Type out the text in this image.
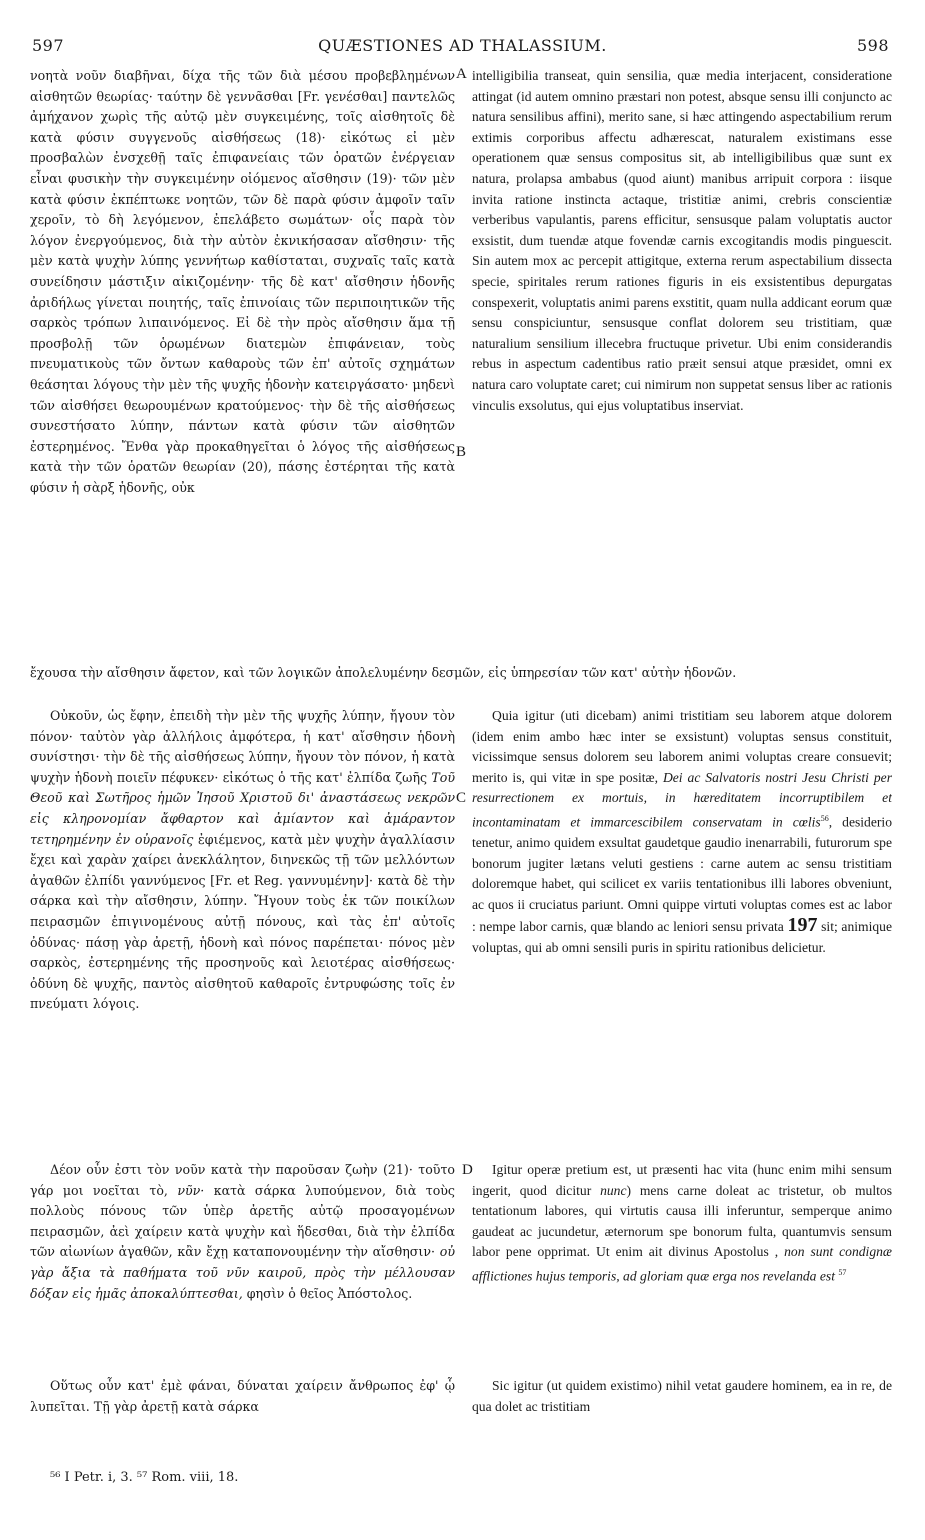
597	QUÆSTIONES AD THALASSIUM.	598
A
B
C
D

νοητὰ νοῦν διαβῆναι, δίχα τῆς τῶν διὰ μέσου προβεβλημένων αἰσθητῶν θεωρίας· ταύτην δὲ γεννᾶσθαι [Fr. γενέσθαι] παντελῶς ἀμήχανον χωρὶς τῆς αὐτῷ μὲν συγκειμένης, τοῖς αἰσθητοῖς δὲ κατὰ φύσιν συγγενοῦς αἰσθήσεως (18)· εἰκότως εἰ μὲν προσβαλὼν ἐνσχεθῇ ταῖς ἐπιφανείαις τῶν ὁρατῶν ἐνέργειαν εἶναι φυσικὴν τὴν συγκειμένην οἰόμενος αἴσθησιν (19)· τῶν μὲν κατὰ φύσιν ἐκπέπτωκε νοητῶν, τῶν δὲ παρὰ φύσιν ἀμφοῖν ταῖν χεροῖν, τὸ δὴ λεγόμενον, ἐπελάβετο σωμάτων· οἷς παρὰ τὸν λόγον ἐνεργούμενος, διὰ τὴν αὐτὸν ἐκνικήσασαν αἴσθησιν· τῆς μὲν κατὰ ψυχὴν λύπης γεννήτωρ καθίσταται, συχναῖς ταῖς κατὰ συνείδησιν μάστιξιν αἰκιζομένην· τῆς δὲ κατ' αἴσθησιν ἡδονῆς ἀριδήλως γίνεται ποιητής, ταῖς ἐπινοίαις τῶν περιποιητικῶν τῆς σαρκὸς τρόπων λιπαινόμενος. Εἰ δὲ τὴν πρὸς αἴσθησιν ἅμα τῇ προσβολῇ τῶν ὁρωμένων διατεμὼν ἐπιφάνειαν, τοὺς πνευματικοὺς τῶν ὄντων καθαροὺς τῶν ἐπ' αὐτοῖς σχημάτων θεάσηται λόγους τὴν μὲν τῆς ψυχῆς ἡδονὴν κατειργάσατο· μηδενὶ τῶν αἰσθήσει θεωρουμένων κρατούμενος· τὴν δὲ τῆς αἰσθήσεως συνεστήσατο λύπην, πάντων κατὰ φύσιν τῶν αἰσθητῶν ἐστερημένος. Ἔνθα γὰρ προκαθηγεῖται ὁ λόγος τῆς αἰσθήσεως κατὰ τὴν τῶν ὁρατῶν θεωρίαν (20), πάσης ἐστέρηται τῆς κατὰ φύσιν ἡ σὰρξ ἡδονῆς, οὐκ

intelligibilia transeat, quin sensilia, quæ media interjacent, consideratione attingat (id autem omnino præstari non potest, absque sensu illi conjuncto ac natura sensilibus affini), merito sane, si hæc attingendo aspectabilium rerum extimis corporibus affectu adhærescat, naturalem existimans esse operationem quæ sensus compositus sit, ab intelligibilibus quæ sunt ex natura, prolapsa ambabus (quod aiunt) manibus arripuit corpora : iisque invita ratione instincta actaque, tristitiæ animi, crebris conscientiæ verberibus vapulantis, parens efficitur, sensusque palam voluptatis auctor exsistit, dum tuendæ atque fovendæ carnis excogitandis modis pinguescit. Sin autem mox ac percepit attigitque, externa rerum aspectabilium dissecta specie, spiritales rerum rationes figuris in eis exsistentibus depurgatas conspexerit, voluptatis animi parens exstitit, quam nulla addicant eorum quæ sensu conspiciuntur, sensusque conflat dolorem seu tristitiam, quæ naturalium sensilium illecebra fructuque privetur. Ubi enim considerandis rebus in aspectum cadentibus ratio præit sensui atque præsidet, omni ex natura caro voluptate caret; cui nimirum non suppetat sensus liber ac rationis vinculis exsolutus, qui ejus voluptatibus inserviat.

ἔχουσα τὴν αἴσθησιν ἄφετον, καὶ τῶν λογικῶν ἀπολελυμένην δεσμῶν, εἰς ὑπηρεσίαν τῶν κατ' αὐτὴν ἡδονῶν.

Οὐκοῦν, ὡς ἔφην, ἐπειδὴ τὴν μὲν τῆς ψυχῆς λύπην, ἤγουν τὸν πόνον· ταὐτὸν γὰρ ἀλλήλοις ἀμφότερα, ἡ κατ' αἴσθησιν ἡδονὴ συνίστησι· τὴν δὲ τῆς αἰσθήσεως λύπην, ἤγουν τὸν πόνον, ἡ κατὰ ψυχὴν ἡδονὴ ποιεῖν πέφυκεν· εἰκότως ὁ τῆς κατ' ἐλπίδα ζωῆς Τοῦ Θεοῦ καὶ Σωτῆρος ἡμῶν Ἰησοῦ Χριστοῦ δι' ἀναστάσεως νεκρῶν εἰς κληρονομίαν ἄφθαρτον καὶ ἀμίαντον καὶ ἀμάραντον τετηρημένην ἐν οὐρανοῖς ἐφιέμενος, κατὰ μὲν ψυχὴν ἀγαλλίασιν ἔχει καὶ χαρὰν χαίρει ἀνεκλάλητον, διηνεκῶς τῇ τῶν μελλόντων ἀγαθῶν ἐλπίδι γαννύμενος [Fr. et Reg. γαννυμένην]· κατὰ δὲ τὴν σάρκα καὶ τὴν αἴσθησιν, λύπην. Ἤγουν τοὺς ἐκ τῶν ποικίλων πειρασμῶν ἐπιγινομένους αὐτῇ πόνους, καὶ τὰς ἐπ' αὐτοῖς ὀδύνας· πάσῃ γὰρ ἀρετῇ, ἡδονὴ καὶ πόνος παρέπεται· πόνος μὲν σαρκὸς, ἐστερημένης τῆς προσηνοῦς καὶ λειοτέρας αἰσθήσεως· ὀδύνη δὲ ψυχῆς, παντὸς αἰσθητοῦ καθαροῖς ἐντρυφώσης τοῖς ἐν πνεύματι λόγοις.

Quia igitur (uti dicebam) animi tristitiam seu laborem atque dolorem (idem enim ambo hæc inter se exsistunt) voluptas sensus constituit, vicissimque sensus dolorem seu laborem animi voluptas creare consuevit; merito is, qui vitæ in spe positæ, Dei ac Salvatoris nostri Jesu Christi per resurrectionem ex mortuis, in hæreditatem incorruptibilem et incontaminatam et immarcescibilem conservatam in cœlis$^{56}$, desiderio tenetur, animo quidem exsultat gaudetque gaudio inenarrabili, futurorum spe bonorum jugiter lætans veluti gestiens : carne autem ac sensu tristitiam doloremque habet, qui scilicet ex variis tentationibus illi labores obveniunt, ac quos ii cruciatus pariunt. Omni quippe virtuti voluptas comes est ac labor : nempe labor carnis, quæ blando ac leniori sensu privata 197 sit; animique voluptas, qui ab omni sensili puris in spiritu rationibus delicietur.

Δέον οὖν ἐστι τὸν νοῦν κατὰ τὴν παροῦσαν ζωὴν (21)· τοῦτο γάρ μοι νοεῖται τὸ, νῦν· κατὰ σάρκα λυπούμενον, διὰ τοὺς πολλοὺς πόνους τῶν ὑπὲρ ἀρετῆς αὐτῷ προσαγομένων πειρασμῶν, ἀεὶ χαίρειν κατὰ ψυχὴν καὶ ἥδεσθαι, διὰ τὴν ἐλπίδα τῶν αἰωνίων ἀγαθῶν, κἂν ἔχῃ καταπονουμένην τὴν αἴσθησιν· οὐ γὰρ ἄξια τὰ παθήματα τοῦ νῦν καιροῦ, πρὸς τὴν μέλλουσαν δόξαν εἰς ἡμᾶς ἀποκαλύπτεσθαι, φησὶν ὁ θεῖος Ἀπόστολος.

Igitur operæ pretium est, ut præsenti hac vita (hunc enim mihi sensum ingerit, quod dicitur nunc) mens carne doleat ac tristetur, ob multos tentationum labores, qui virtutis causa illi inferuntur, semperque animo gaudeat ac jucundetur, æternorum spe bonorum fulta, quantumvis sensum labor pene opprimat. Ut enim ait divinus Apostolus , non sunt condignæ afflictiones hujus temporis, ad gloriam quæ erga nos revelanda est $^{57}$

Οὕτως οὖν κατ' ἐμὲ φάναι, δύναται χαίρειν ἄνθρωπος ἐφ' ᾧ λυπεῖται. Τῇ γὰρ ἀρετῇ κατὰ σάρκα

Sic igitur (ut quidem existimo) nihil vetat gaudere hominem, ea in re, de qua dolet ac tristitiam

⁵⁶ I Petr. i, 3. ⁵⁷ Rom. viii, 18.
